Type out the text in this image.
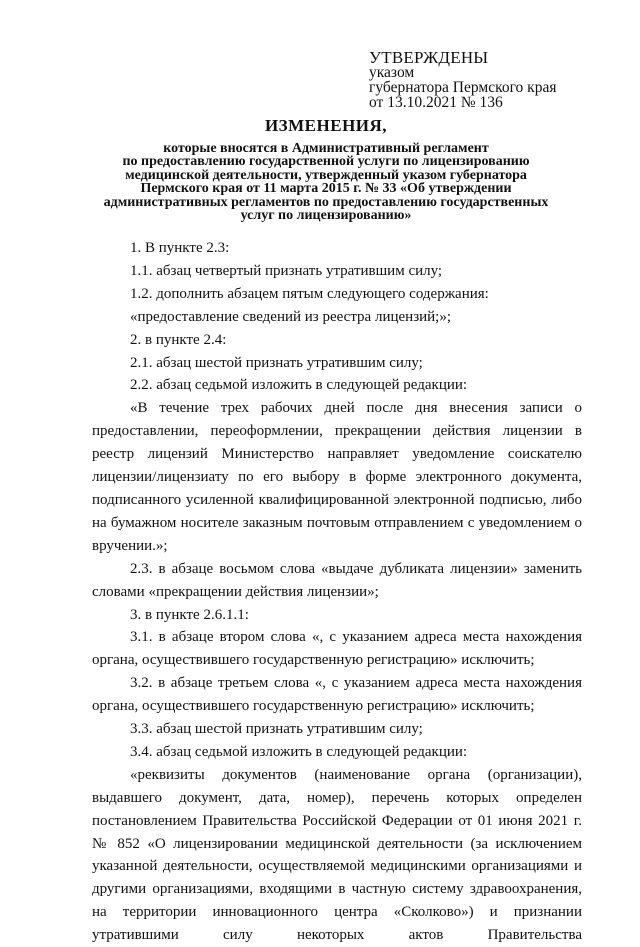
УТВЕРЖДЕНЫ
указом
губернатора Пермского края
от 13.10.2021 № 136
ИЗМЕНЕНИЯ,
которые вносятся в Административный регламент
по предоставлению государственной услуги по лицензированию
медицинской деятельности, утвержденный указом губернатора
Пермского края от 11 марта 2015 г. № 33 «Об утверждении
административных регламентов по предоставлению государственных
услуг по лицензированию»

1. В пункте 2.3:

1.1. абзац четвертый признать утратившим силу;

1.2. дополнить абзацем пятым следующего содержания:

«предоставление сведений из реестра лицензий;»;

2. в пункте 2.4:

2.1. абзац шестой признать утратившим силу;

2.2. абзац седьмой изложить в следующей редакции:

«В течение трех рабочих дней после дня внесения записи о предоставлении, переоформлении, прекращении действия лицензии в реестр лицензий Министерство направляет уведомление соискателю лицензии/лицензиату по его выбору в форме электронного документа, подписанного усиленной квалифицированной электронной подписью, либо на бумажном носителе заказным почтовым отправлением с уведомлением о вручении.»;

2.3. в абзаце восьмом слова «выдаче дубликата лицензии» заменить словами «прекращении действия лицензии»;

3. в пункте 2.6.1.1:

3.1. в абзаце втором слова «, с указанием адреса места нахождения органа, осуществившего государственную регистрацию» исключить;

3.2. в абзаце третьем слова «, с указанием адреса места нахождения органа, осуществившего государственную регистрацию» исключить;

3.3. абзац шестой признать утратившим силу;

3.4. абзац седьмой изложить в следующей редакции:

«реквизиты документов (наименование органа (организации), выдавшего документ, дата, номер), перечень которых определен постановлением Правительства Российской Федерации от 01 июня 2021 г. № 852 «О лицензировании медицинской деятельности (за исключением указанной деятельности, осуществляемой медицинскими организациями и другими организациями, входящими в частную систему здравоохранения, на территории инновационного центра «Сколково») и признании утратившими силу некоторых актов Правительства
